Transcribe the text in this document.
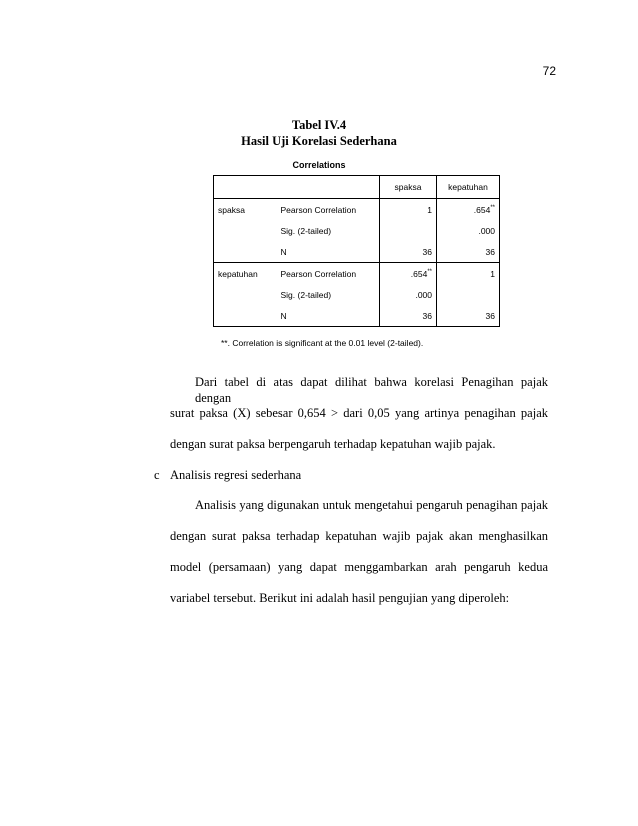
72
Tabel IV.4
Hasil Uji Korelasi Sederhana
Correlations
		spaksa	kepatuhan
spaksa	Pearson Correlation	1	.654**
	Sig. (2-tailed)		.000
	N	36	36
kepatuhan	Pearson Correlation	.654**	1
	Sig. (2-tailed)	.000	
	N	36	36
**. Correlation is significant at the 0.01 level (2-tailed).
Dari tabel di atas dapat dilihat bahwa korelasi Penagihan pajak dengan
surat paksa (X) sebesar 0,654 > dari 0,05 yang artinya penagihan pajak
dengan surat paksa berpengaruh terhadap kepatuhan wajib pajak.
c Analisis regresi sederhana
Analisis yang digunakan untuk mengetahui pengaruh penagihan pajak
dengan surat paksa terhadap kepatuhan wajib pajak akan menghasilkan
model (persamaan) yang dapat menggambarkan arah pengaruh kedua
variabel tersebut. Berikut ini adalah hasil pengujian yang diperoleh:
